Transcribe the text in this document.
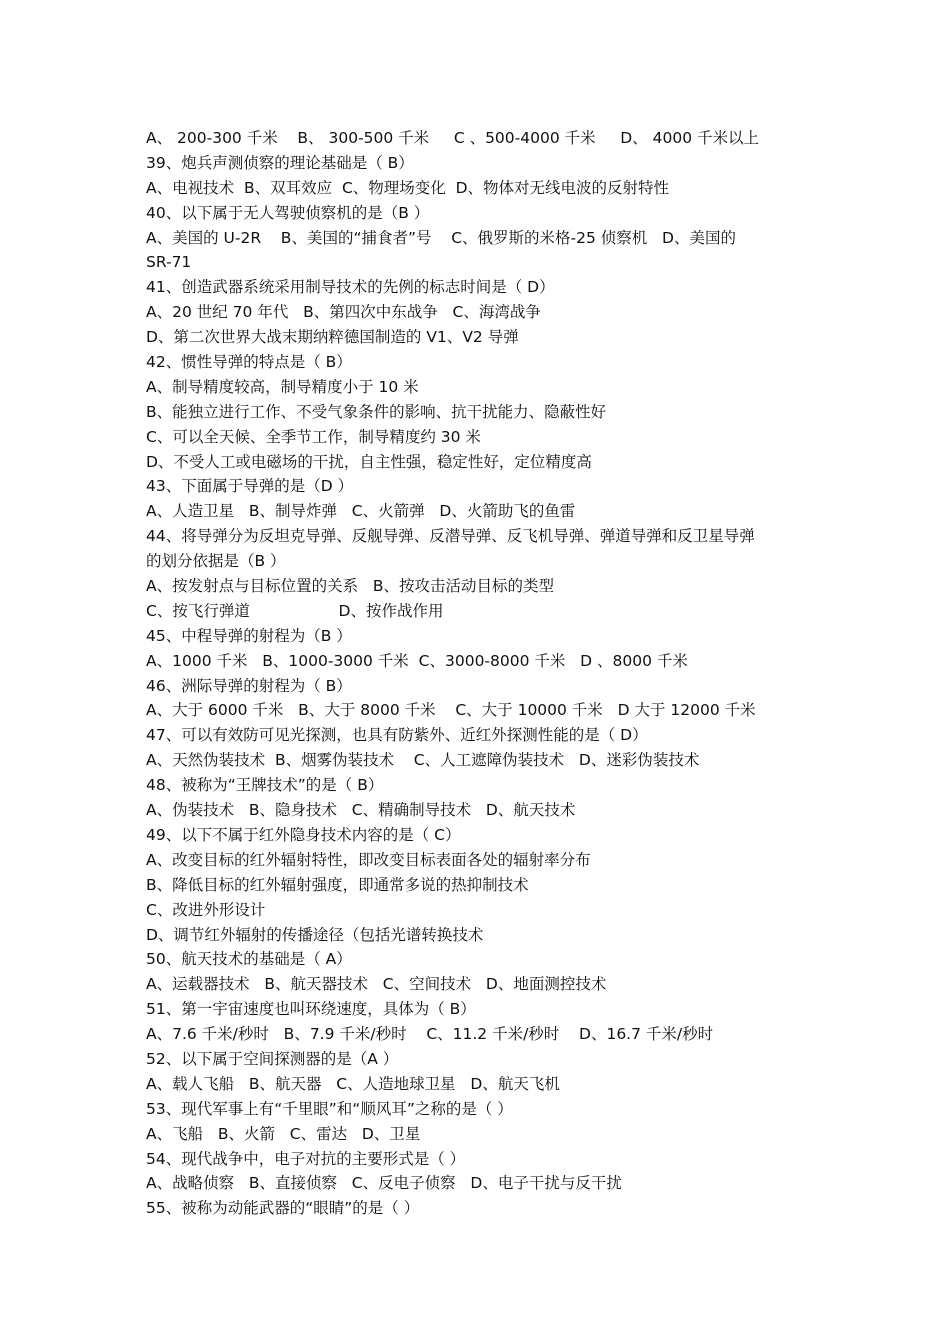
A、 200-300 千米    B、 300-500 千米     C 、500-4000 千米     D、 4000 千米以上
39、炮兵声测侦察的理论基础是（ B）
A、电视技术  B、双耳效应  C、物理场变化  D、物体对无线电波的反射特性
40、以下属于无人驾驶侦察机的是（B ）
A、美国的 U-2R    B、美国的“捕食者”号    C、俄罗斯的米格-25 侦察机   D、美国的
SR-71
41、创造武器系统采用制导技术的先例的标志时间是（ D）
A、20 世纪 70 年代   B、第四次中东战争   C、海湾战争
D、第二次世界大战末期纳粹德国制造的 V1、V2 导弹
42、惯性导弹的特点是（ B）
A、制导精度较高，制导精度小于 10 米
B、能独立进行工作、不受气象条件的影响、抗干扰能力、隐蔽性好
C、可以全天候、全季节工作，制导精度约 30 米
D、不受人工或电磁场的干扰，自主性强，稳定性好，定位精度高
43、下面属于导弹的是（D ）
A、人造卫星   B、制导炸弹   C、火箭弹   D、火箭助飞的鱼雷
44、将导弹分为反坦克导弹、反舰导弹、反潜导弹、反飞机导弹、弹道导弹和反卫星导弹
的划分依据是（B ）
A、按发射点与目标位置的关系   B、按攻击活动目标的类型
C、按飞行弹道                  D、按作战作用
45、中程导弹的射程为（B ）
A、1000 千米   B、1000-3000 千米  C、3000-8000 千米   D 、8000 千米
46、洲际导弹的射程为（ B）
A、大于 6000 千米   B、大于 8000 千米    C、大于 10000 千米   D 大于 12000 千米
47、可以有效防可见光探测，也具有防紫外、近红外探测性能的是（ D）
A、天然伪装技术  B、烟雾伪装技术    C、人工遮障伪装技术   D、迷彩伪装技术
48、被称为“王牌技术”的是（ B）
A、伪装技术   B、隐身技术   C、精确制导技术   D、航天技术
49、以下不属于红外隐身技术内容的是（ C）
A、改变目标的红外辐射特性，即改变目标表面各处的辐射率分布
B、降低目标的红外辐射强度，即通常多说的热抑制技术
C、改进外形设计
D、调节红外辐射的传播途径（包括光谱转换技术
50、航天技术的基础是（ A）
A、运载器技术   B、航天器技术   C、空间技术   D、地面测控技术
51、第一宇宙速度也叫环绕速度，具体为（ B）
A、7.6 千米/秒时   B、7.9 千米/秒时    C、11.2 千米/秒时    D、16.7 千米/秒时
52、以下属于空间探测器的是（A ）
A、载人飞船   B、航天器   C、人造地球卫星   D、航天飞机
53、现代军事上有“千里眼”和“顺风耳”之称的是（ ）
A、飞船   B、火箭   C、雷达   D、卫星
54、现代战争中，电子对抗的主要形式是（ ）
A、战略侦察   B、直接侦察   C、反电子侦察   D、电子干扰与反干扰
55、被称为动能武器的“眼睛”的是（ ）
